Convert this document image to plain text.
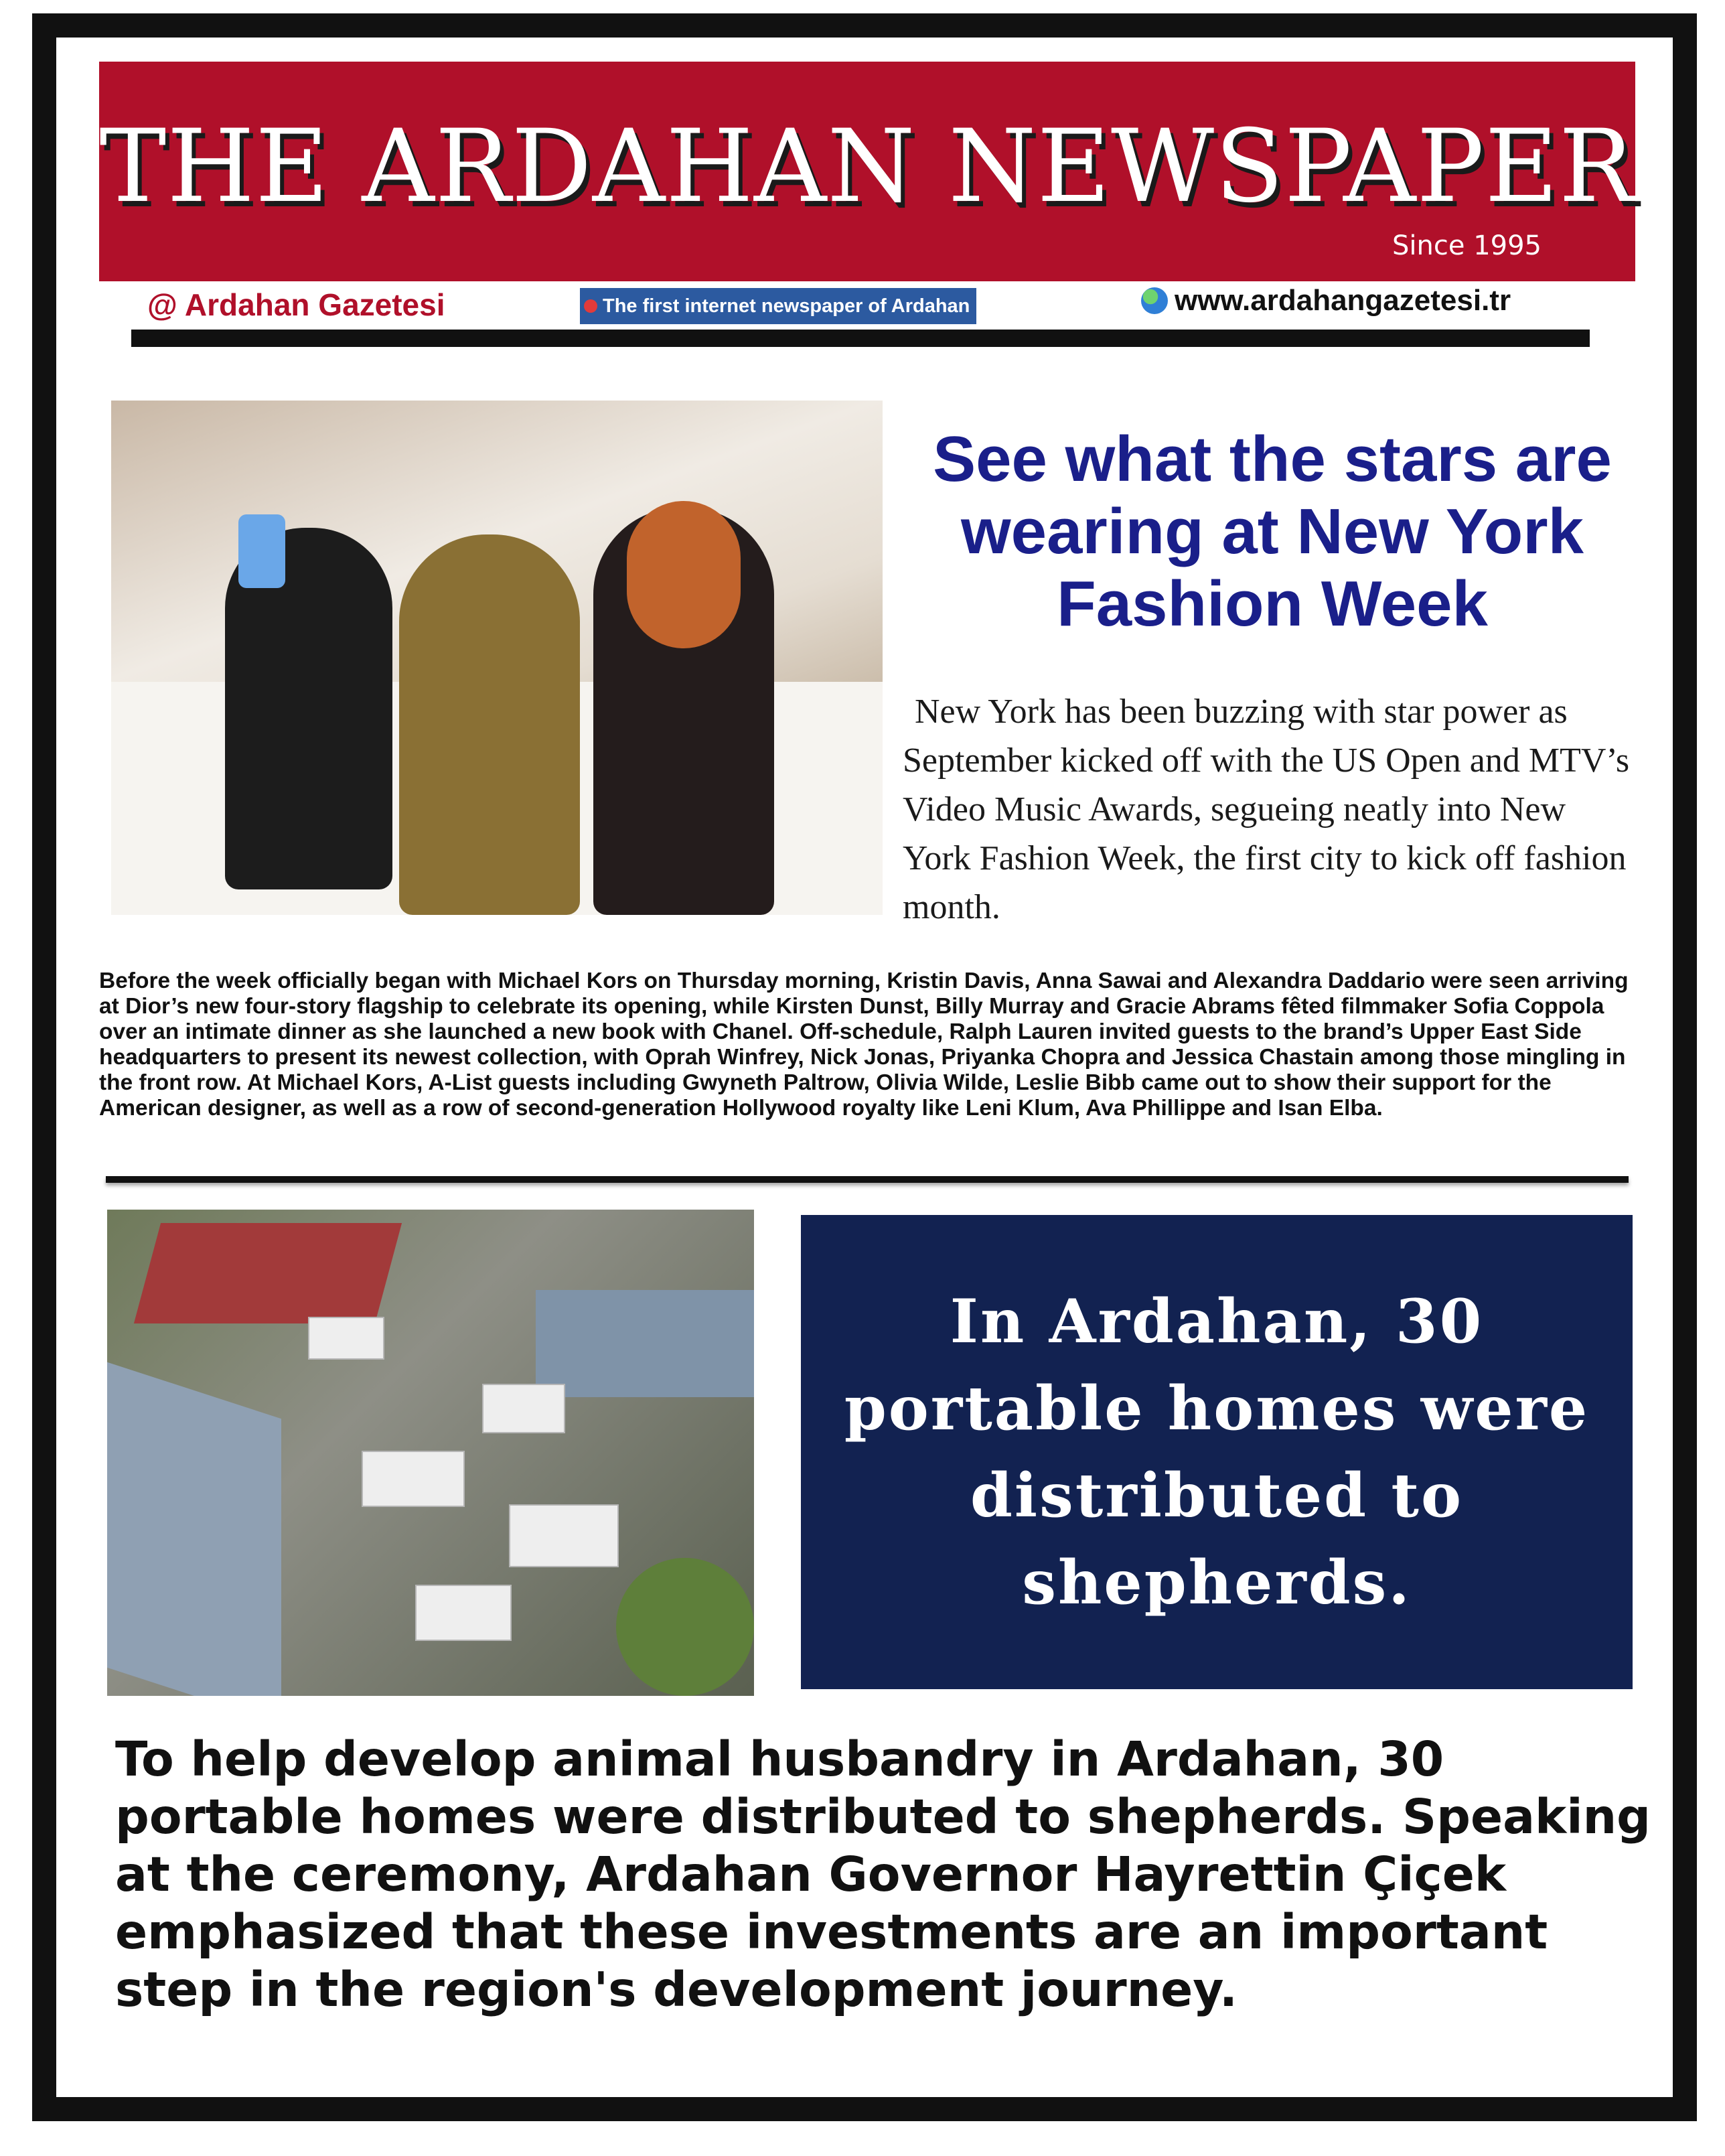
THE ARDAHAN NEWSPAPER
Since 1995
@ Ardahan Gazetesi	The first internet newspaper of Ardahan	www.ardahangazetesi.tr
See what the stars are wearing at New York Fashion Week
New York has been buzzing with star power as September kicked off with the US Open and MTV’s Video Music Awards, segueing neatly into New York Fashion Week, the first city to kick off fashion month.
Before the week officially began with Michael Kors on Thursday morning, Kristin Davis, Anna Sawai and Alexandra Daddario were seen arriving at Dior’s new four-story flagship to celebrate its opening, while Kirsten Dunst, Billy Murray and Gracie Abrams fêted filmmaker Sofia Coppola over an intimate dinner as she launched a new book with Chanel. Off-schedule, Ralph Lauren invited guests to the brand’s Upper East Side headquarters to present its newest collection, with Oprah Winfrey, Nick Jonas, Priyanka Chopra and Jessica Chastain among those mingling in the front row. At Michael Kors, A-List guests including Gwyneth Paltrow, Olivia Wilde, Leslie Bibb came out to show their support for the American designer, as well as a row of second-generation Hollywood royalty like Leni Klum, Ava Phillippe and Isan Elba.
In Ardahan, 30 portable homes were distributed to shepherds.
To help develop animal husbandry in Ardahan, 30 portable homes were distributed to shepherds. Speaking at the ceremony, Ardahan Governor Hayrettin Çiçek emphasized that these investments are an important step in the region's development journey.
